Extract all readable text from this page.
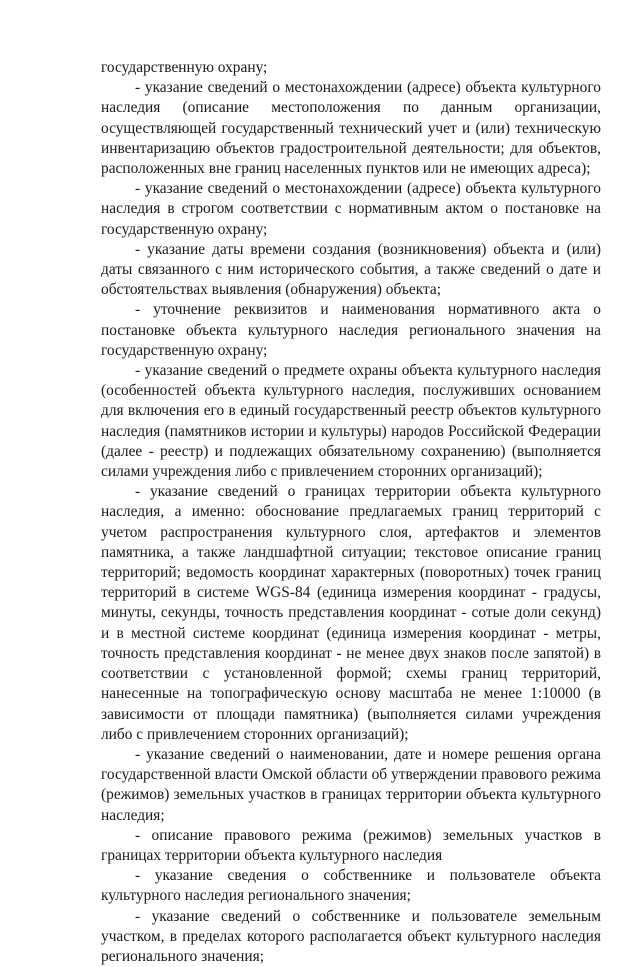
государственную охрану;

- указание сведений о местонахождении (адресе) объекта культурного наследия (описание местоположения по данным организации, осуществляющей государственный технический учет и (или) техническую инвентаризацию объектов градостроительной деятельности; для объектов, расположенных вне границ населенных пунктов или не имеющих адреса);

- указание сведений о местонахождении (адресе) объекта культурного наследия в строгом соответствии с нормативным актом о постановке на государственную охрану;

- указание даты времени создания (возникновения) объекта и (или) даты связанного с ним исторического события, а также сведений о дате и обстоятельствах выявления (обнаружения) объекта;

- уточнение реквизитов и наименования нормативного акта о постановке объекта культурного наследия регионального значения на государственную охрану;

- указание сведений о предмете охраны объекта культурного наследия (особенностей объекта культурного наследия, послуживших основанием для включения его в единый государственный реестр объектов культурного наследия (памятников истории и культуры) народов Российской Федерации (далее - реестр) и подлежащих обязательному сохранению) (выполняется силами учреждения либо с привлечением сторонних организаций);

- указание сведений о границах территории объекта культурного наследия, а именно: обоснование предлагаемых границ территорий с учетом распространения культурного слоя, артефактов и элементов памятника, а также ландшафтной ситуации; текстовое описание границ территорий; ведомость координат характерных (поворотных) точек границ территорий в системе WGS-84 (единица измерения координат - градусы, минуты, секунды, точность представления координат - сотые доли секунд) и в местной системе координат (единица измерения координат - метры, точность представления координат - не менее двух знаков после запятой) в соответствии с установленной формой; схемы границ территорий, нанесенные на топографическую основу масштаба не менее 1:10000 (в зависимости от площади памятника) (выполняется силами учреждения либо с привлечением сторонних организаций);

- указание сведений о наименовании, дате и номере решения органа государственной власти Омской области об утверждении правового режима (режимов) земельных участков в границах территории объекта культурного наследия;

- описание правового режима (режимов) земельных участков в границах территории объекта культурного наследия

- указание сведения о собственнике и пользователе объекта культурного наследия регионального значения;

- указание сведений о собственнике и пользователе земельным участком, в пределах которого располагается объект культурного наследия регионального значения;
